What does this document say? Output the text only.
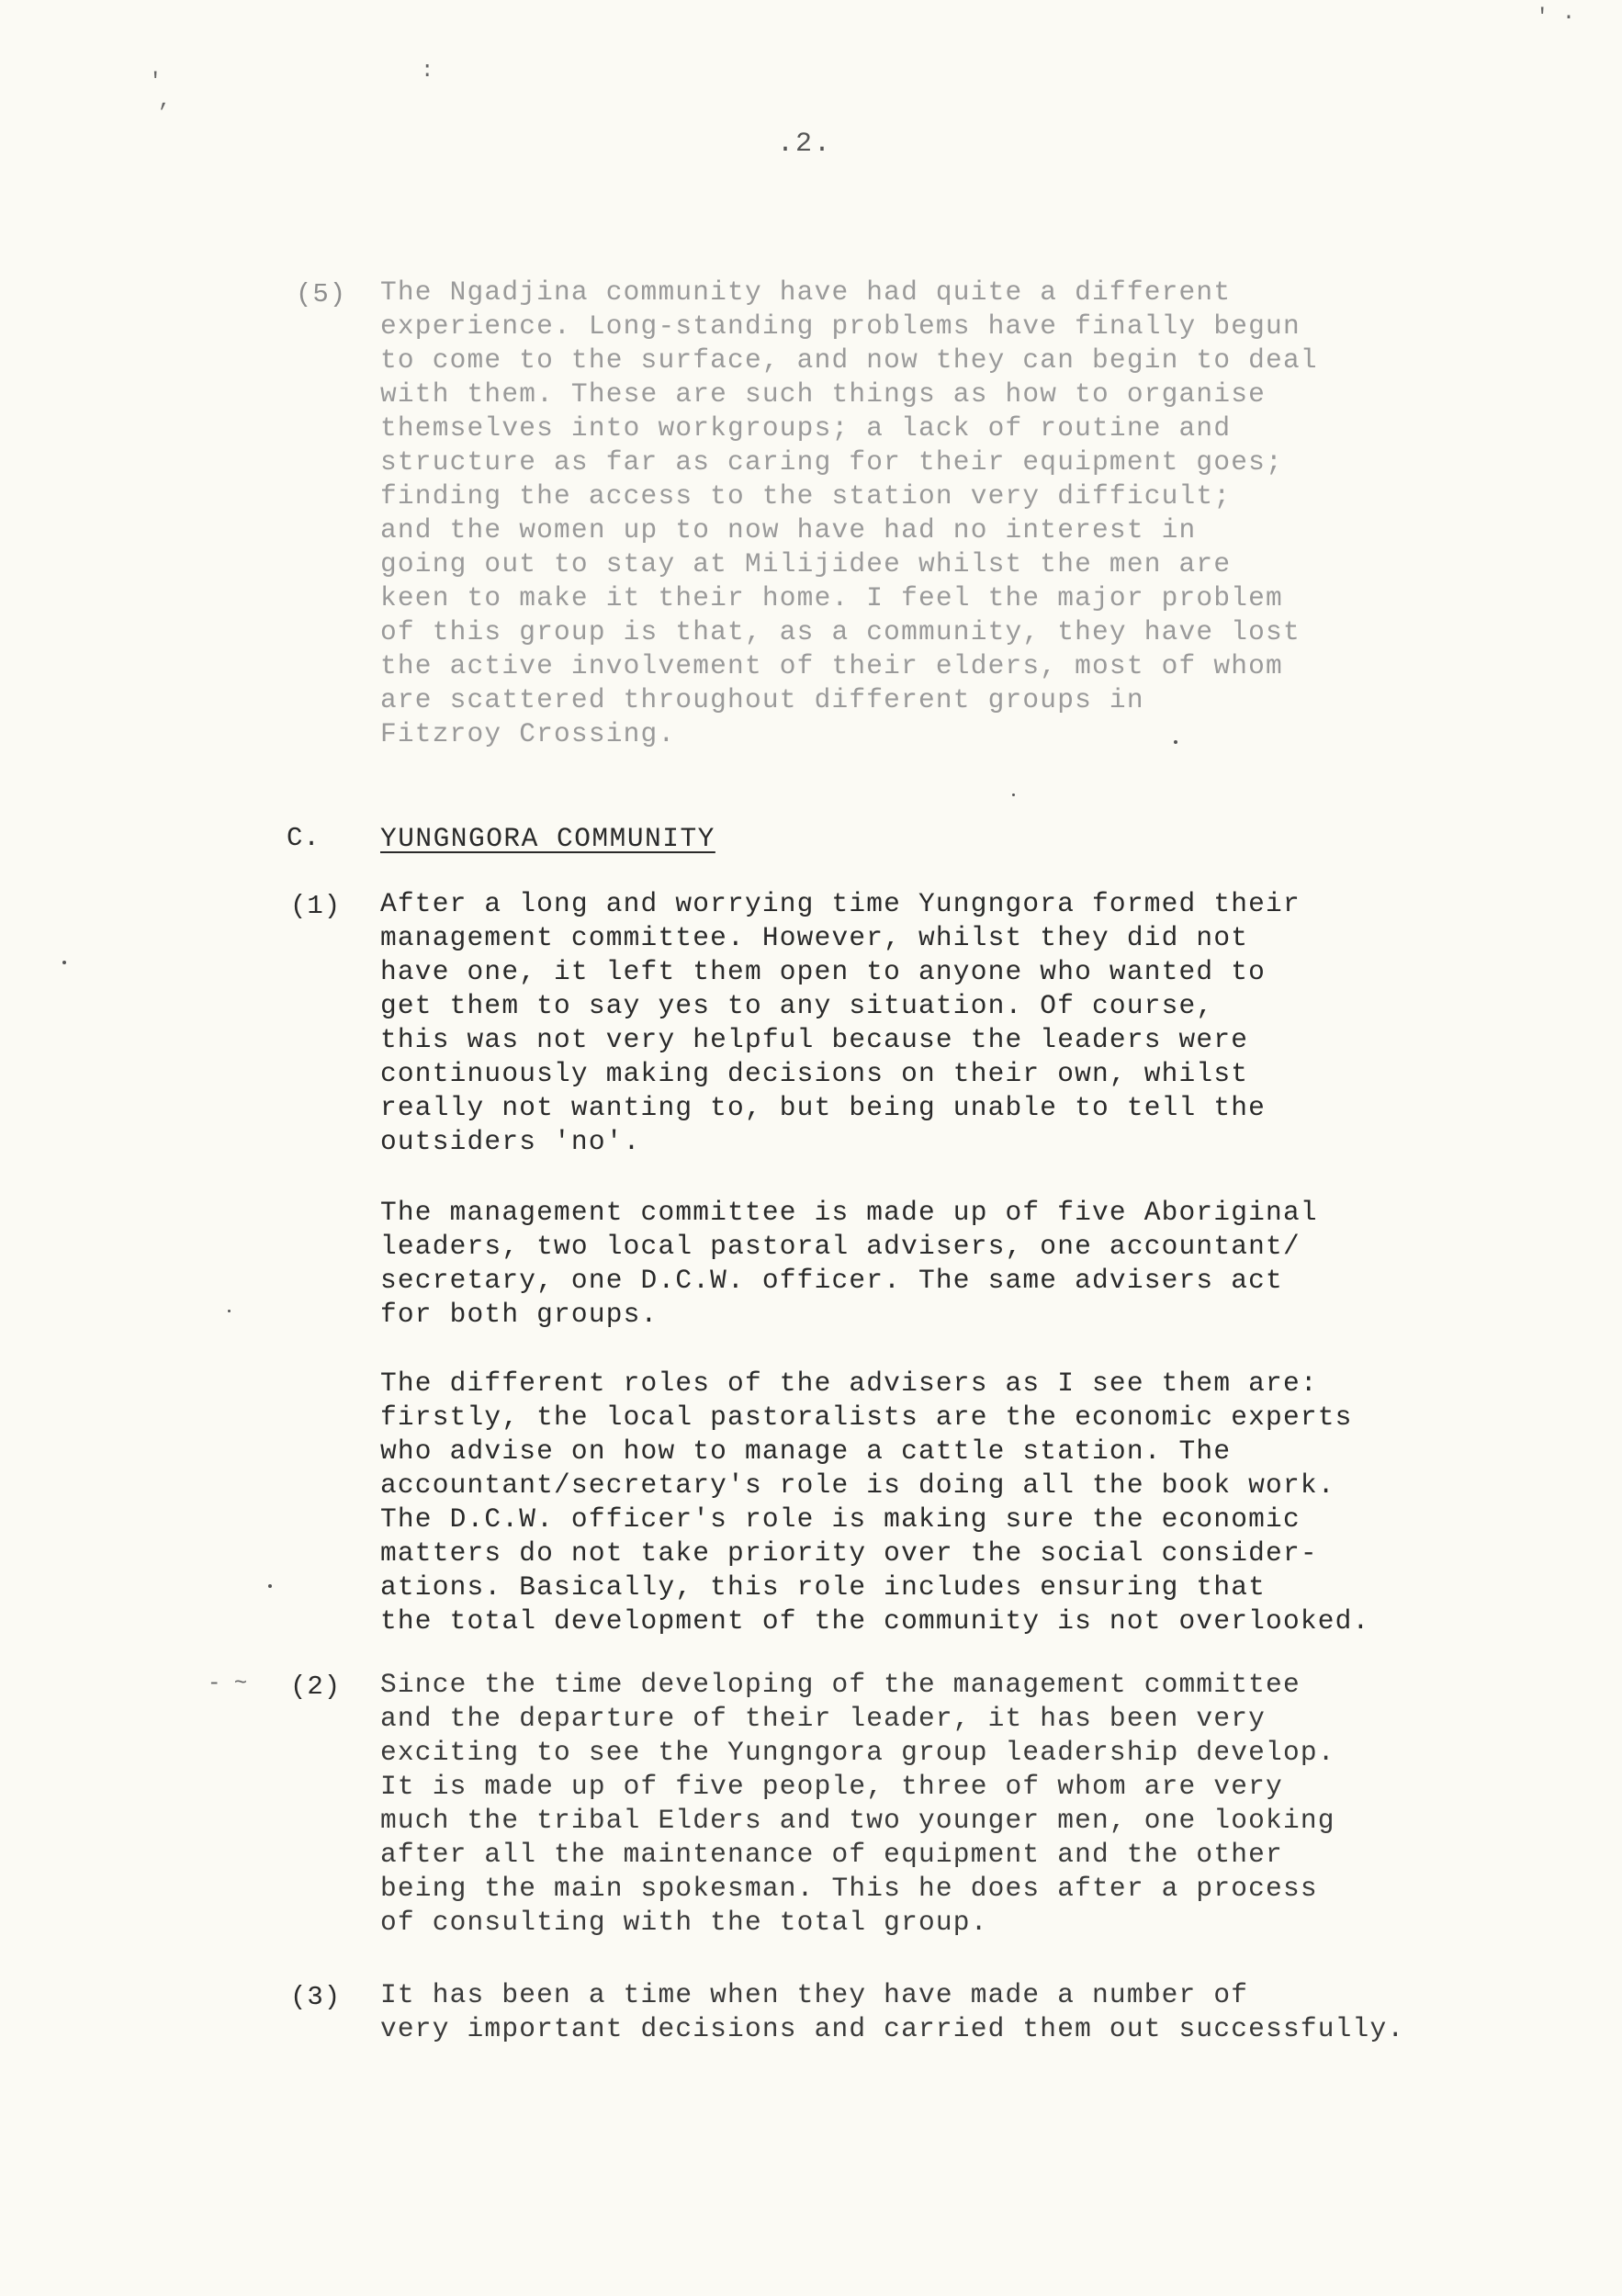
.2.
'
,
:
' ·
- ~
(5) The Ngadjina community have had quite a different
experience. Long-standing problems have finally begun
to come to the surface, and now they can begin to deal
with them. These are such things as how to organise
themselves into workgroups; a lack of routine and
structure as far as caring for their equipment goes;
finding the access to the station very difficult;
and the women up to now have had no interest in
going out to stay at Milijidee whilst the men are
keen to make it their home. I feel the major problem
of this group is that, as a community, they have lost
the active involvement of their elders, most of whom
are scattered throughout different groups in
Fitzroy Crossing.

C. YUNGNGORA COMMUNITY
(1) After a long and worrying time Yungngora formed their
management committee. However, whilst they did not
have one, it left them open to anyone who wanted to
get them to say yes to any situation. Of course,
this was not very helpful because the leaders were
continuously making decisions on their own, whilst
really not wanting to, but being unable to tell the
outsiders 'no'.

The management committee is made up of five Aboriginal
leaders, two local pastoral advisers, one accountant/
secretary, one D.C.W. officer. The same advisers act
for both groups.

The different roles of the advisers as I see them are:
firstly, the local pastoralists are the economic experts
who advise on how to manage a cattle station. The
accountant/secretary's role is doing all the book work.
The D.C.W. officer's role is making sure the economic
matters do not take priority over the social consider-
ations. Basically, this role includes ensuring that
the total development of the community is not overlooked.

(2) Since the time developing of the management committee
and the departure of their leader, it has been very
exciting to see the Yungngora group leadership develop.
It is made up of five people, three of whom are very
much the tribal Elders and two younger men, one looking
after all the maintenance of equipment and the other
being the main spokesman. This he does after a process
of consulting with the total group.

(3) It has been a time when they have made a number of
very important decisions and carried them out successfully.
